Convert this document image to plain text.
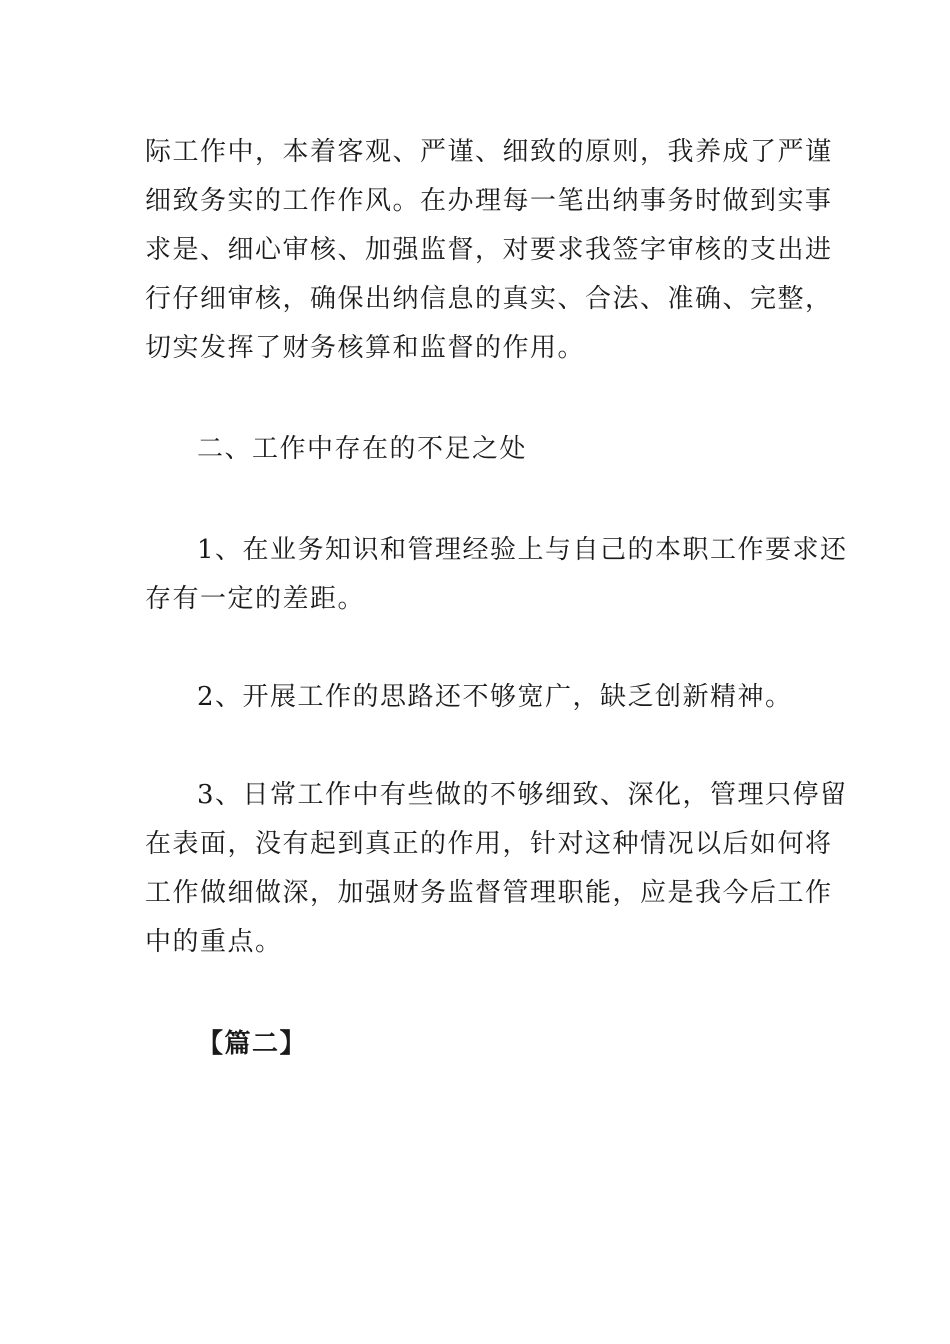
际工作中，本着客观、严谨、细致的原则，我养成了严谨
细致务实的工作作风。在办理每一笔出纳事务时做到实事
求是、细心审核、加强监督，对要求我签字审核的支出进
行仔细审核，确保出纳信息的真实、合法、准确、完整，
切实发挥了财务核算和监督的作用。
二、工作中存在的不足之处
1、在业务知识和管理经验上与自己的本职工作要求还
存有一定的差距。
2、开展工作的思路还不够宽广，缺乏创新精神。
3、日常工作中有些做的不够细致、深化，管理只停留
在表面，没有起到真正的作用，针对这种情况以后如何将
工作做细做深，加强财务监督管理职能，应是我今后工作
中的重点。
【篇二】
